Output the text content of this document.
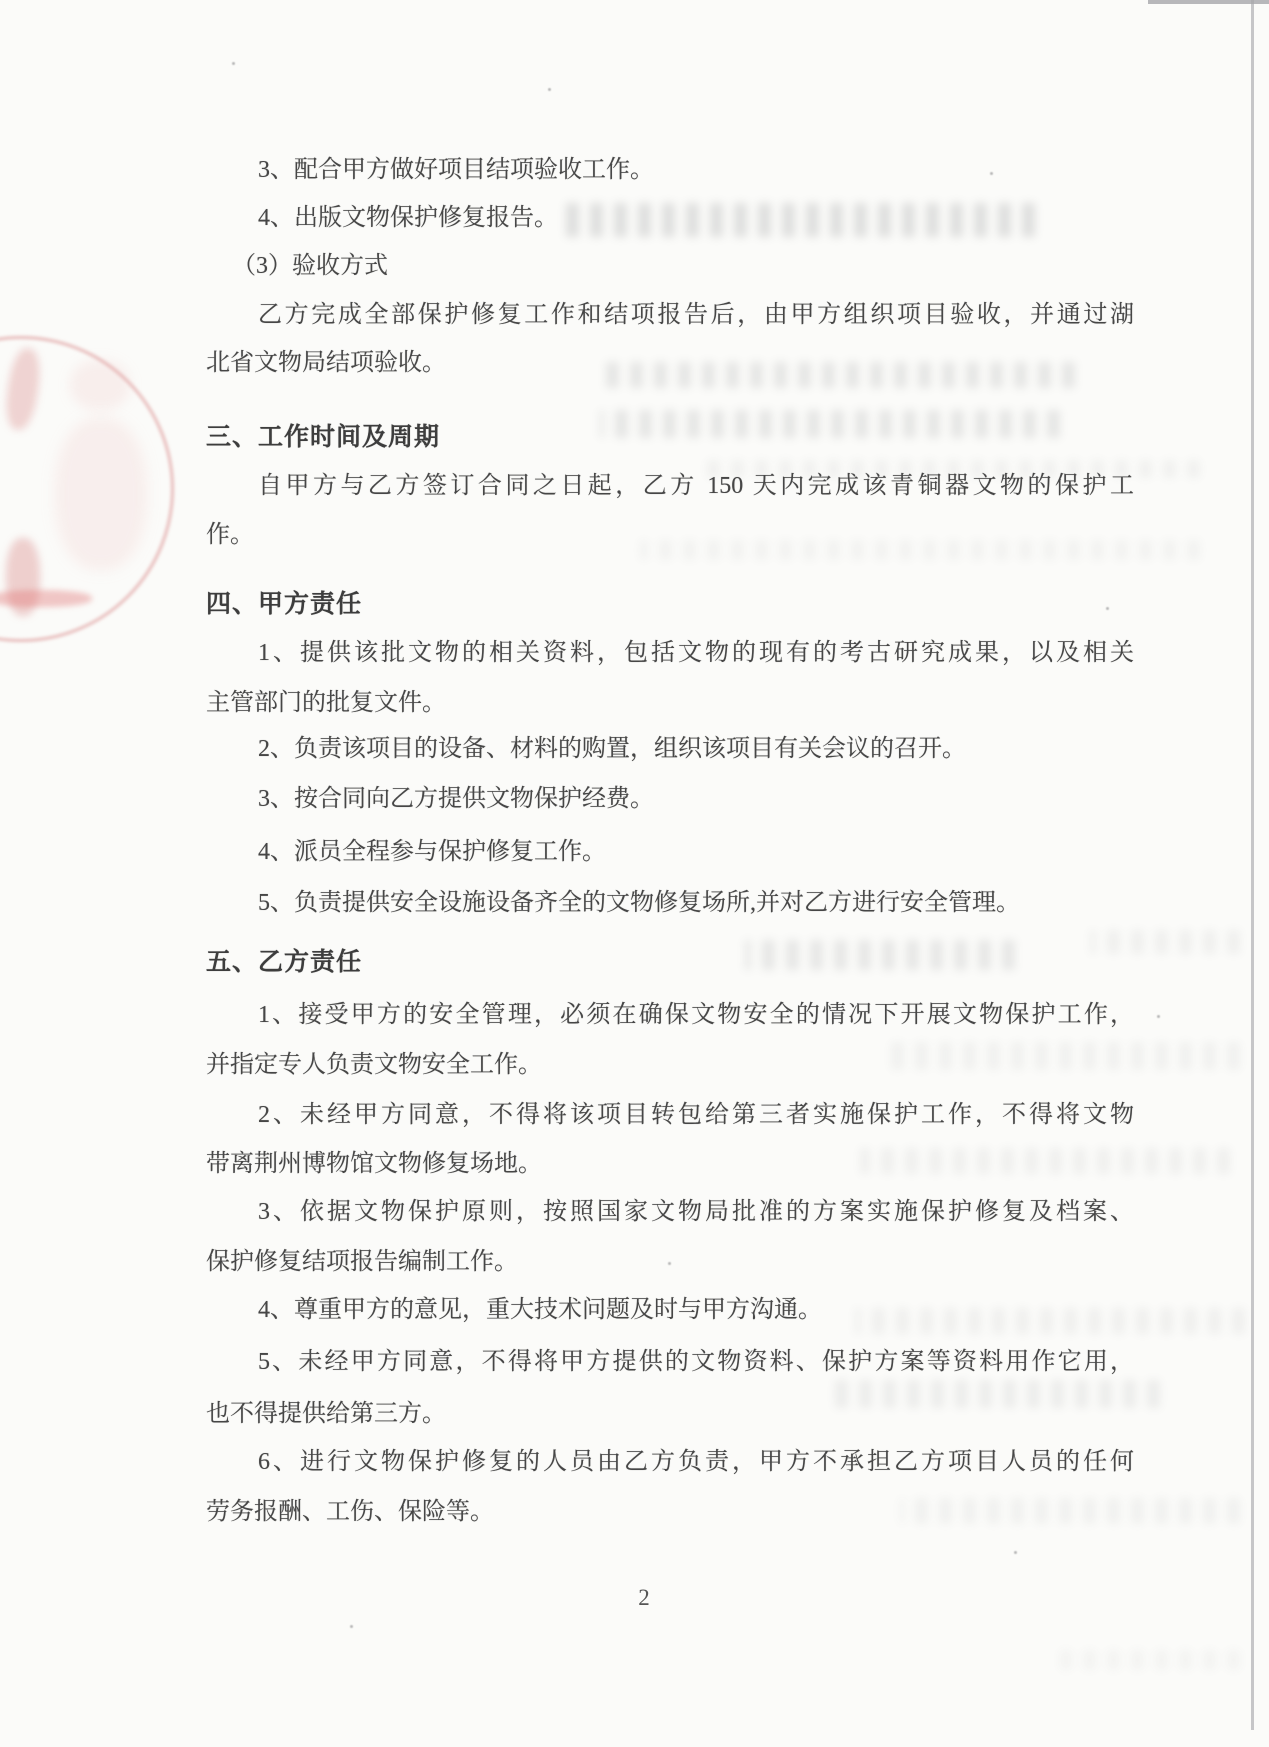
3、配合甲方做好项目结项验收工作。
4、出版文物保护修复报告。
（3）验收方式
乙方完成全部保护修复工作和结项报告后，由甲方组织项目验收，并通过湖
北省文物局结项验收。
三、工作时间及周期
自甲方与乙方签订合同之日起，乙方 150 天内完成该青铜器文物的保护工
作。
四、甲方责任
1、提供该批文物的相关资料，包括文物的现有的考古研究成果，以及相关
主管部门的批复文件。
2、负责该项目的设备、材料的购置，组织该项目有关会议的召开。
3、按合同向乙方提供文物保护经费。
4、派员全程参与保护修复工作。
5、负责提供安全设施设备齐全的文物修复场所,并对乙方进行安全管理。
五、乙方责任
1、接受甲方的安全管理，必须在确保文物安全的情况下开展文物保护工作，
并指定专人负责文物安全工作。
2、未经甲方同意，不得将该项目转包给第三者实施保护工作，不得将文物
带离荆州博物馆文物修复场地。
3、依据文物保护原则，按照国家文物局批准的方案实施保护修复及档案、
保护修复结项报告编制工作。
4、尊重甲方的意见，重大技术问题及时与甲方沟通。
5、未经甲方同意，不得将甲方提供的文物资料、保护方案等资料用作它用，
也不得提供给第三方。
6、进行文物保护修复的人员由乙方负责，甲方不承担乙方项目人员的任何
劳务报酬、工伤、保险等。
2
